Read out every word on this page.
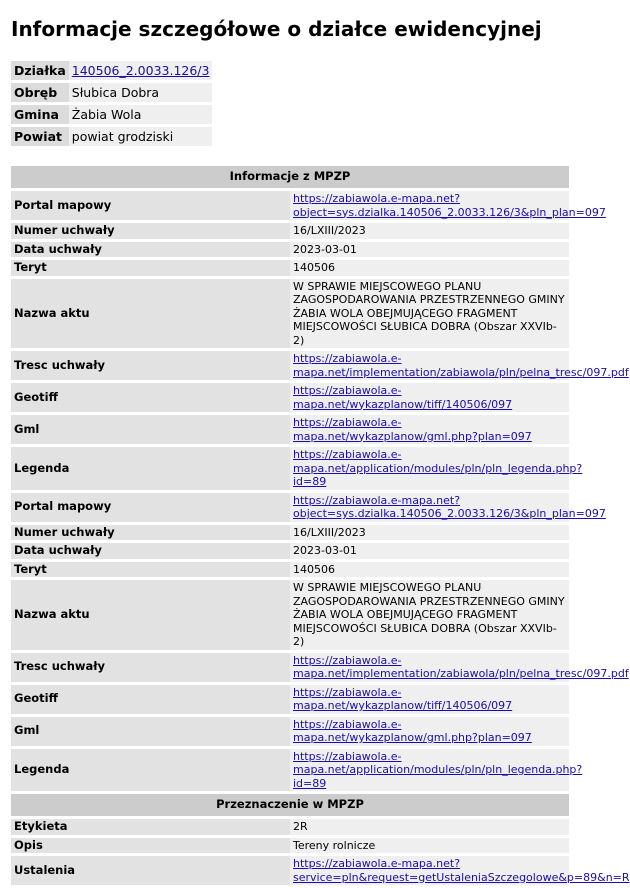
Informacje szczegółowe o działce ewidencyjnej
Działka	140506_2.0033.126/3
Obręb	Słubica Dobra
Gmina	Żabia Wola
Powiat	powiat grodziski
Informacje z MPZP	
Portal mapowy	https://zabiawola.e-mapa.net?object=sys.dzialka.140506_2.0033.126/3&pln_plan=097
Numer uchwały	16/LXIII/2023
Data uchwały	2023-03-01
Teryt	140506
Nazwa aktu	W SPRAWIE MIEJSCOWEGO PLANU ZAGOSPODAROWANIA PRZESTRZENNEGO GMINY ŻABIA WOLA OBEJMUJĄCEGO FRAGMENT MIEJSCOWOŚCI SŁUBICA DOBRA (Obszar XXVIb-2)
Tresc uchwały	https://zabiawola.e-mapa.net/implementation/zabiawola/pln/pelna_tresc/097.pdf
Geotiff	https://zabiawola.e-mapa.net/wykazplanow/tiff/140506/097
Gml	https://zabiawola.e-mapa.net/wykazplanow/gml.php?plan=097
Legenda	https://zabiawola.e-mapa.net/application/modules/pln/pln_legenda.php?id=89
Portal mapowy	https://zabiawola.e-mapa.net?object=sys.dzialka.140506_2.0033.126/3&pln_plan=097
Numer uchwały	16/LXIII/2023
Data uchwały	2023-03-01
Teryt	140506
Nazwa aktu	W SPRAWIE MIEJSCOWEGO PLANU ZAGOSPODAROWANIA PRZESTRZENNEGO GMINY ŻABIA WOLA OBEJMUJĄCEGO FRAGMENT MIEJSCOWOŚCI SŁUBICA DOBRA (Obszar XXVIb-2)
Tresc uchwały	https://zabiawola.e-mapa.net/implementation/zabiawola/pln/pelna_tresc/097.pdf
Geotiff	https://zabiawola.e-mapa.net/wykazplanow/tiff/140506/097
Gml	https://zabiawola.e-mapa.net/wykazplanow/gml.php?plan=097
Legenda	https://zabiawola.e-mapa.net/application/modules/pln/pln_legenda.php?id=89
Przeznaczenie w MPZP	
Etykieta	2R
Opis	Tereny rolnicze
Ustalenia	https://zabiawola.e-mapa.net?service=pln&request=getUstaleniaSzczegolowe&p=89&n=R
